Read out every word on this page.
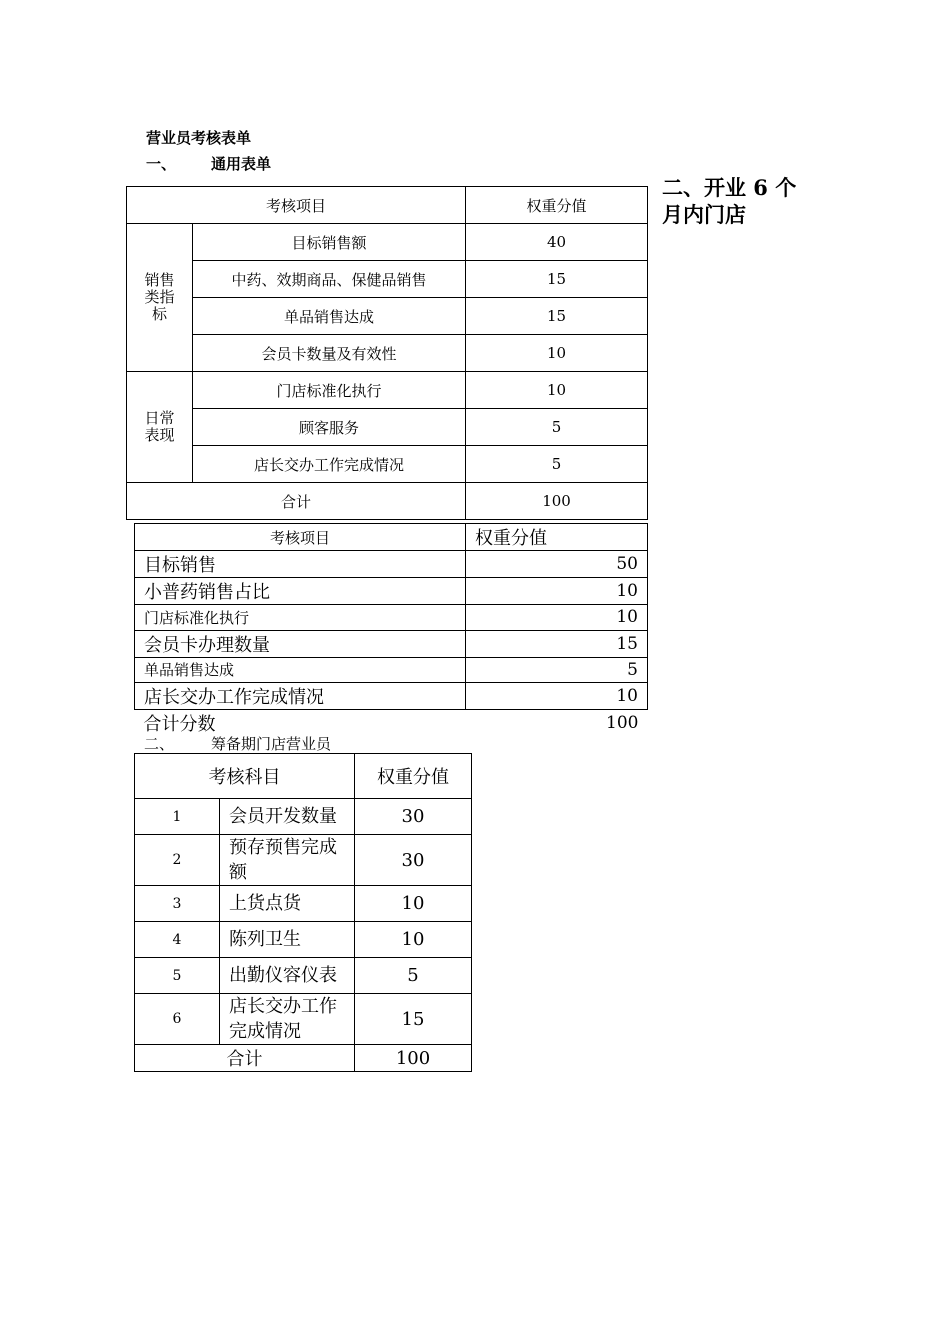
营业员考核表单
一、 通用表单
二、开业 6 个
月内门店
考核项目		权重分值

销售
类指
标	目标销售额	40
	中药、效期商品、保健品销售	15
	单品销售达成	15
	会员卡数量及有效性	10

日常
表现	门店标准化执行	10
	顾客服务	5
	店长交办工作完成情况	5
合计		100
考核项目	权重分值
目标销售	50
小普药销售占比	10
门店标准化执行	10
会员卡办理数量	15
单品销售达成	5
店长交办工作完成情况	10
合计分数	100
二、 筹备期门店营业员
考核科目		权重分值
1	会员开发数量	30
2	预存预售完成额	30
3	上货点货	10
4	陈列卫生	10
5	出勤仪容仪表	5
6	店长交办工作完成情况	15
合计		100
